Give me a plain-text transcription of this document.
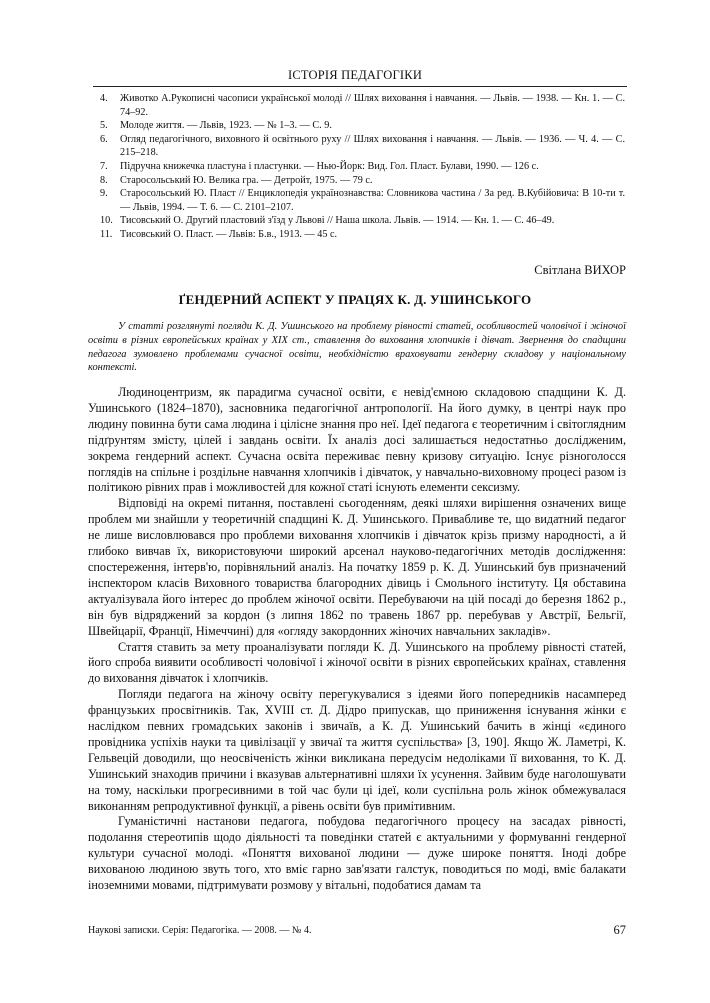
ІСТОРІЯ ПЕДАГОГІКИ
4.	Животко А.Рукописні часописи української молоді // Шлях виховання і навчання. — Львів. — 1938. — Кн. 1. — С. 74–92.
5.	Молоде життя. — Львів, 1923. — № 1–3. — С. 9.
6.	Огляд педагогічного, виховного й освітнього руху // Шлях виховання і навчання. — Львів. — 1936. — Ч. 4. — С. 215–218.
7.	Підручна книжечка пластуна і пластунки. — Нью-Йорк: Вид. Гол. Пласт. Булави, 1990. — 126 с.
8.	Старосольський Ю. Велика гра. — Детройт, 1975. — 79 с.
9.	Старосольський Ю. Пласт // Енциклопедія українознавства: Словникова частина / За ред. В.Кубійовича: В 10-ти т. — Львів, 1994. — Т. 6. — С. 2101–2107.
10. Тисовський О. Другий пластовий з'їзд у Львові // Наша школа. Львів. — 1914. — Кн. 1. — С. 46–49.
11. Тисовський О. Пласт. — Львів: Б.в., 1913. — 45 с.
Світлана ВИХОР
ҐЕНДЕРНИЙ АСПЕКТ У ПРАЦЯХ К. Д. УШИНСЬКОГО

У статті розглянуті погляди К. Д. Ушинського на проблему рівності статей, особливостей чоловічої і жіночої освіти в різних європейських країнах у XIX ст., ставлення до виховання хлопчиків і дівчат. Звернення до спадщини педагога зумовлено проблемами сучасної освіти, необхідністю враховувати гендерну складову у національному контексті.

Людиноцентризм, як парадигма сучасної освіти, є невід'ємною складовою спадщини К. Д. Ушинського (1824–1870), засновника педагогічної антропології. На його думку, в центрі наук про людину повинна бути сама людина і цілісне знання про неї. Ідеї педагога є теоретичним і світоглядним підґрунтям змісту, цілей і завдань освіти. Їх аналіз досі залишається недостатньо дослідженим, зокрема гендерний аспект. Сучасна освіта переживає певну кризову ситуацію. Існує різноголосся поглядів на спільне і роздільне навчання хлопчиків і дівчаток, у навчально-виховному процесі разом із політикою рівних прав і можливостей для кожної статі існують елементи сексизму.

Відповіді на окремі питання, поставлені сьогоденням, деякі шляхи вирішення означених вище проблем ми знайшли у теоретичній спадщині К. Д. Ушинського. Привабливе те, що видатний педагог не лише висловлювався про проблеми виховання хлопчиків і дівчаток крізь призму народності, а й глибоко вивчав їх, використовуючи широкий арсенал науково-педагогічних методів дослідження: спостереження, інтерв'ю, порівняльний аналіз. На початку 1859 р. К. Д. Ушинський був призначений інспектором класів Виховного товариства благородних дівиць і Смольного інституту. Ця обставина актуалізувала його інтерес до проблем жіночої освіти. Перебуваючи на цій посаді до березня 1862 р., він був відряджений за кордон (з липня 1862 по травень 1867 рр. перебував у Австрії, Бельгії, Швейцарії, Франції, Німеччині) для «огляду закордонних жіночих навчальних закладів».

Стаття ставить за мету проаналізувати погляди К. Д. Ушинського на проблему рівності статей, його спроба виявити особливості чоловічої і жіночої освіти в різних європейських країнах, ставлення до виховання дівчаток і хлопчиків.

Погляди педагога на жіночу освіту перегукувалися з ідеями його попередників насамперед французьких просвітників. Так, XVIII ст. Д. Дідро припускав, що приниження існування жінки є наслідком певних громадських законів і звичаїв, а К. Д. Ушинський бачить в жінці «єдиного провідника успіхів науки та цивілізації у звичаї та життя суспільства» [3, 190]. Якщо Ж. Ламетрі, К. Гельвецій доводили, що неосвіченість жінки викликана передусім недоліками її виховання, то К. Д. Ушинський знаходив причини і вказував альтернативні шляхи їх усунення. Зайвим буде наголошувати на тому, наскільки прогресивними в той час були ці ідеї, коли суспільна роль жінок обмежувалася виконанням репродуктивної функції, а рівень освіти був примітивним.

Гуманістичні настанови педагога, побудова педагогічного процесу на засадах рівності, подолання стереотипів щодо діяльності та поведінки статей є актуальними у формуванні гендерної культури сучасної молоді. «Поняття вихованої людини — дуже широке поняття. Іноді добре вихованою людиною звуть того, хто вміє гарно зав'язати галстук, поводиться по моді, вміє балакати іноземними мовами, підтримувати розмову у вітальні, подобатися дамам та

Наукові записки. Серія: Педагогіка. — 2008. — № 4.	67
